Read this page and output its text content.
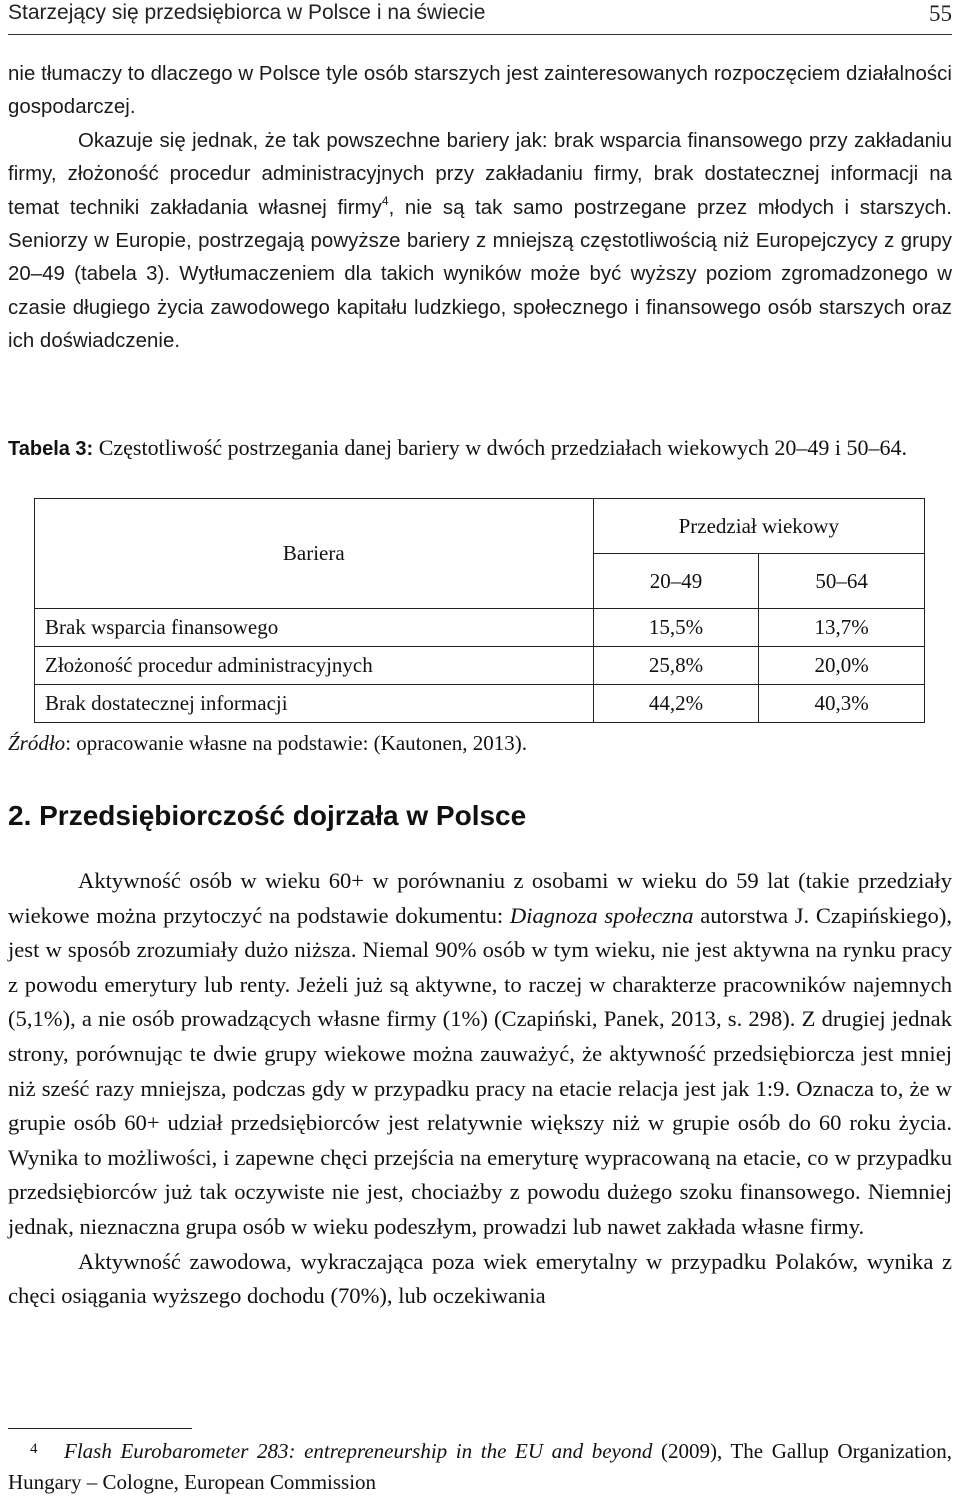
Starzejący się przedsiębiorca w Polsce i na świecie	55

nie tłumaczy to dlaczego w Polsce tyle osób starszych jest zainteresowanych rozpoczęciem działalności gospodarczej.

Okazuje się jednak, że tak powszechne bariery jak: brak wsparcia finansowego przy zakładaniu firmy, złożoność procedur administracyjnych przy zakładaniu firmy, brak dostatecznej informacji na temat techniki zakładania własnej firmy$^4$, nie są tak samo postrzegane przez młodych i starszych. Seniorzy w Europie, postrzegają powyższe bariery z mniejszą częstotliwością niż Europejczycy z grupy 20–49 (tabela 3). Wytłumaczeniem dla takich wyników może być wyższy poziom zgromadzonego w czasie długiego życia zawodowego kapitału ludzkiego, społecznego i finansowego osób starszych oraz ich doświadczenie.

Tabela 3: Częstotliwość postrzegania danej bariery w dwóch przedziałach wiekowych 20–49 i 50–64.
Bariera	Przedział wiekowy	
	20–49	50–64
Brak wsparcia finansowego	15,5%	13,7%
Złożoność procedur administracyjnych	25,8%	20,0%
Brak dostatecznej informacji	44,2%	40,3%
Źródło: opracowanie własne na podstawie: (Kautonen, 2013).
2. Przedsiębiorczość dojrzała w Polsce

Aktywność osób w wieku 60+ w porównaniu z osobami w wieku do 59 lat (takie przedziały wiekowe można przytoczyć na podstawie dokumentu: Diagnoza społeczna autorstwa J. Czapińskiego), jest w sposób zrozumiały dużo niższa. Niemal 90% osób w tym wieku, nie jest aktywna na rynku pracy z powodu emerytury lub renty. Jeżeli już są aktywne, to raczej w charakterze pracowników najemnych (5,1%), a nie osób prowadzących własne firmy (1%) (Czapiński, Panek, 2013, s. 298). Z drugiej jednak strony, porównując te dwie grupy wiekowe można zauważyć, że aktywność przedsiębiorcza jest mniej niż sześć razy mniejsza, podczas gdy w przypadku pracy na etacie relacja jest jak 1:9. Oznacza to, że w grupie osób 60+ udział przedsiębiorców jest relatywnie większy niż w grupie osób do 60 roku życia. Wynika to możliwości, i zapewne chęci przejścia na emeryturę wypracowaną na etacie, co w przypadku przedsiębiorców już tak oczywiste nie jest, chociażby z powodu dużego szoku finansowego. Niemniej jednak, nieznaczna grupa osób w wieku podeszłym, prowadzi lub nawet zakłada własne firmy.

Aktywność zawodowa, wykraczająca poza wiek emerytalny w przypadku Polaków, wynika z chęci osiągania wyższego dochodu (70%), lub oczekiwania

4 Flash Eurobarometer 283: entrepreneurship in the EU and beyond (2009), The Gallup Organization, Hungary – Cologne, European Commission
